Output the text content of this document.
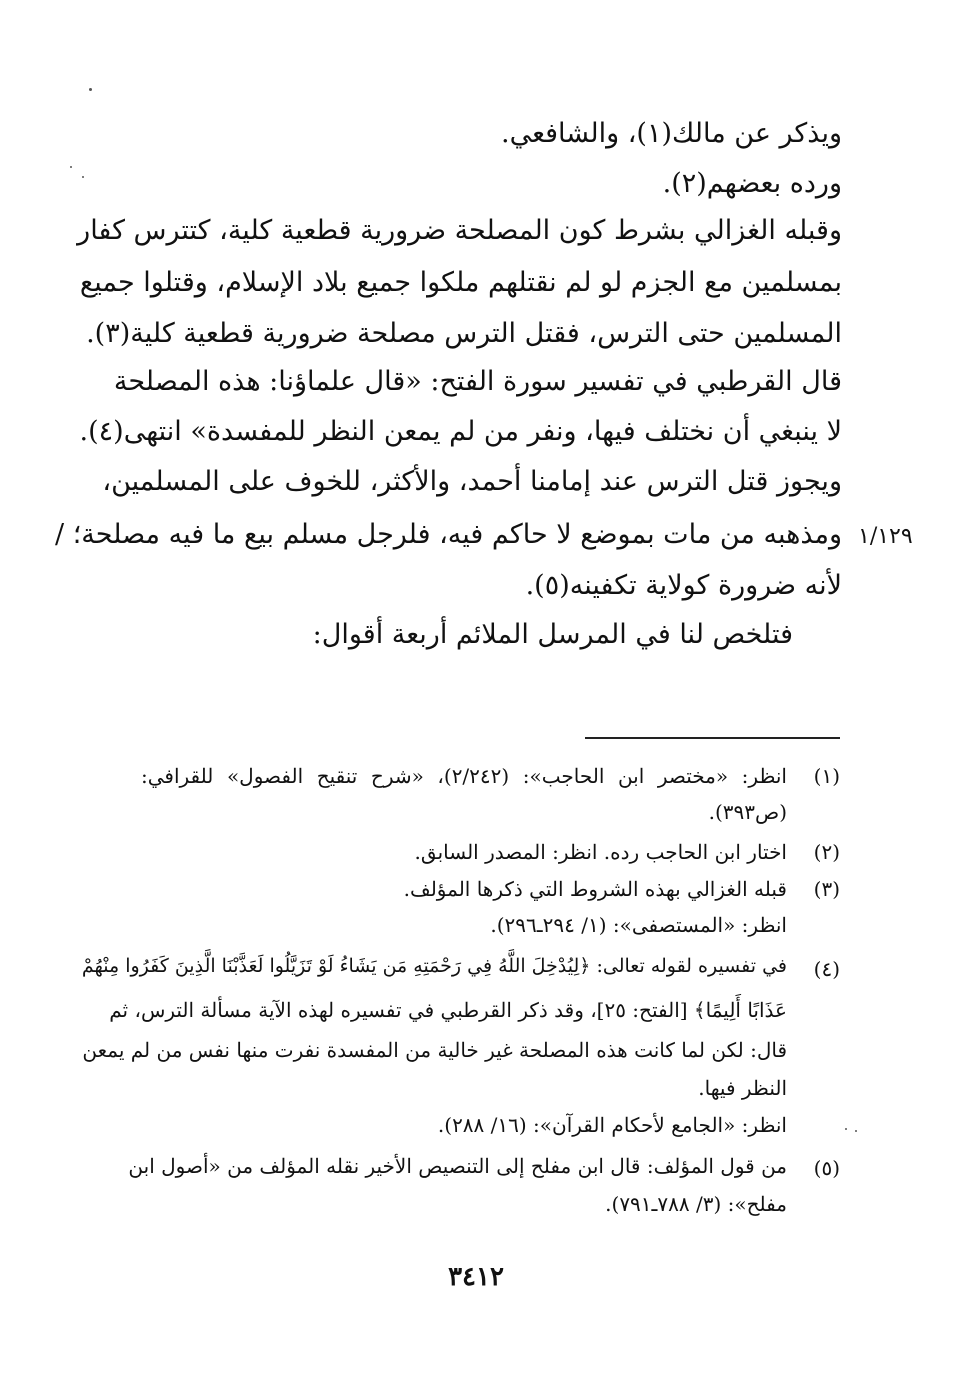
ويذكر عن مالك(١)، والشافعي.
ورده بعضهم(٢).
وقبله الغزالي بشرط كون المصلحة ضرورية قطعية كلية، كتترس كفار
بمسلمين مع الجزم لو لم نقتلهم ملكوا جميع بلاد الإسلام، وقتلوا جميع
المسلمين حتى الترس، فقتل الترس مصلحة ضرورية قطعية كلية(٣).
قال القرطبي في تفسير سورة الفتح: «قال علماؤنا: هذه المصلحة
لا ينبغي أن نختلف فيها، ونفر من لم يمعن النظر للمفسدة» انتهى(٤).
ويجوز قتل الترس عند إمامنا أحمد، والأكثر، للخوف على المسلمين،
ومذهبه من مات بموضع لا حاكم فيه، فلرجل مسلم بيع ما فيه مصلحة؛ / ١/١٢٩
لأنه ضرورة كولاية تكفينه(٥).
فتلخص لنا في المرسل الملائم أربعة أقوال:
(١)
انظر: «مختصر ابن الحاجب»: (٢/٢٤٢)، «شرح تنقيح الفصول» للقرافي:
(ص٣٩٣).
(٢)
اختار ابن الحاجب رده. انظر: المصدر السابق.
(٣)
قبله الغزالي بهذه الشروط التي ذكرها المؤلف.
انظر: «المستصفى»: (١/ ٢٩٤ـ٢٩٦).
(٤)
في تفسيره لقوله تعالى: ﴿لِيُدْخِلَ اللَّهُ فِي رَحْمَتِهِ مَن يَشَاءُ لَوْ تَزَيَّلُوا لَعَذَّبْنَا الَّذِينَ كَفَرُوا مِنْهُمْ
عَذَابًا أَلِيمًا﴾ [الفتح: ٢٥]، وقد ذكر القرطبي في تفسيره لهذه الآية مسألة الترس، ثم
قال: لكن لما كانت هذه المصلحة غير خالية من المفسدة نفرت منها نفس من لم يمعن
النظر فيها.
انظر: «الجامع لأحكام القرآن»: (١٦/ ٢٨٨).
(٥)
من قول المؤلف: قال ابن مفلح إلى التنصيص الأخير نقله المؤلف من «أصول ابن
مفلح»: (٣/ ٧٨٨ـ٧٩١).
٣٤١٢
